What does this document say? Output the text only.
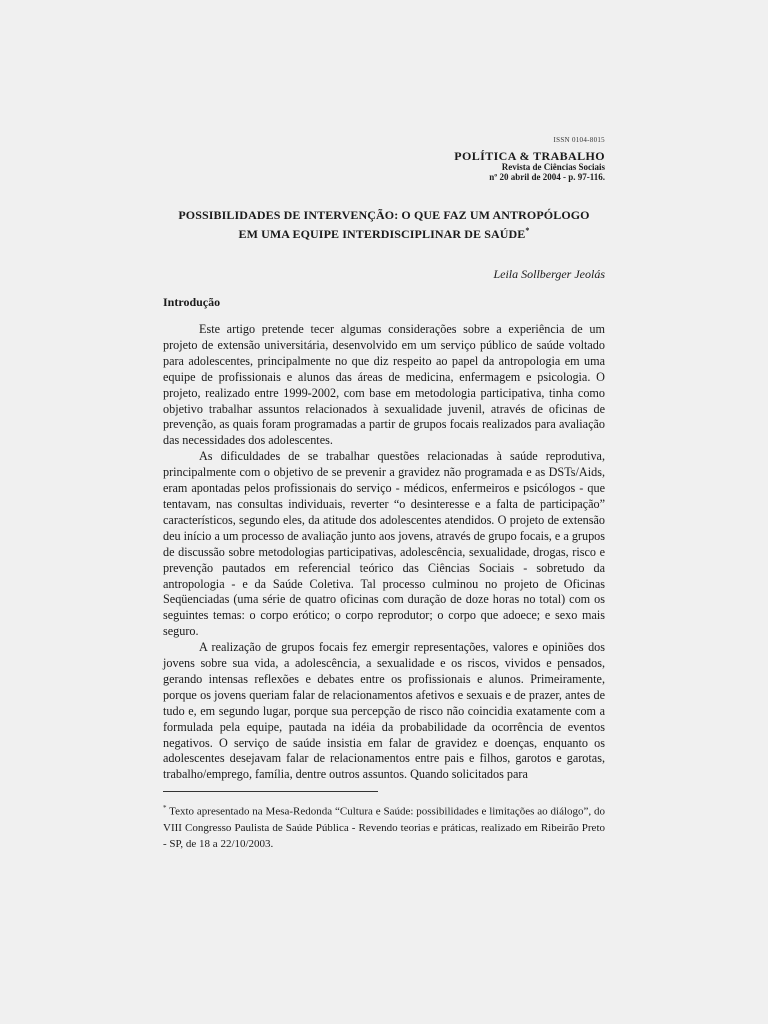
ISSN 0104-8015
POLÍTICA & TRABALHO
Revista de Ciências Sociais
nº 20 abril de 2004 - p. 97-116.
POSSIBILIDADES DE INTERVENÇÃO: O QUE FAZ UM ANTROPÓLOGO
EM UMA EQUIPE INTERDISCIPLINAR DE SAÚDE*
Leila Sollberger Jeolás
Introdução

Este artigo pretende tecer algumas considerações sobre a experiência de um projeto de extensão universitária, desenvolvido em um serviço público de saúde voltado para adolescentes, principalmente no que diz respeito ao papel da antropologia em uma equipe de profissionais e alunos das áreas de medicina, enfermagem e psicologia. O projeto, realizado entre 1999-2002, com base em metodologia participativa, tinha como objetivo trabalhar assuntos relacionados à sexualidade juvenil, através de oficinas de prevenção, as quais foram programadas a partir de grupos focais realizados para avaliação das necessidades dos adolescentes.

As dificuldades de se trabalhar questões relacionadas à saúde reprodutiva, principalmente com o objetivo de se prevenir a gravidez não programada e as DSTs/Aids, eram apontadas pelos profissionais do serviço - médicos, enfermeiros e psicólogos - que tentavam, nas consultas individuais, reverter “o desinteresse e a falta de participação” característicos, segundo eles, da atitude dos adolescentes atendidos. O projeto de extensão deu início a um processo de avaliação junto aos jovens, através de grupo focais, e a grupos de discussão sobre metodologias participativas, adolescência, sexualidade, drogas, risco e prevenção pautados em referencial teórico das Ciências Sociais - sobretudo da antropologia - e da Saúde Coletiva. Tal processo culminou no projeto de Oficinas Seqüenciadas (uma série de quatro oficinas com duração de doze horas no total) com os seguintes temas: o corpo erótico; o corpo reprodutor; o corpo que adoece; e sexo mais seguro.

A realização de grupos focais fez emergir representações, valores e opiniões dos jovens sobre sua vida, a adolescência, a sexualidade e os riscos, vividos e pensados, gerando intensas reflexões e debates entre os profissionais e alunos. Primeiramente, porque os jovens queriam falar de relacionamentos afetivos e sexuais e de prazer, antes de tudo e, em segundo lugar, porque sua percepção de risco não coincidia exatamente com a formulada pela equipe, pautada na idéia da probabilidade da ocorrência de eventos negativos. O serviço de saúde insistia em falar de gravidez e doenças, enquanto os adolescentes desejavam falar de relacionamentos entre pais e filhos, garotos e garotas, trabalho/emprego, família, dentre outros assuntos. Quando solicitados para

* Texto apresentado na Mesa-Redonda “Cultura e Saúde: possibilidades e limitações ao diálogo”, do VIII Congresso Paulista de Saúde Pública - Revendo teorias e práticas, realizado em Ribeirão Preto - SP, de 18 a 22/10/2003.
